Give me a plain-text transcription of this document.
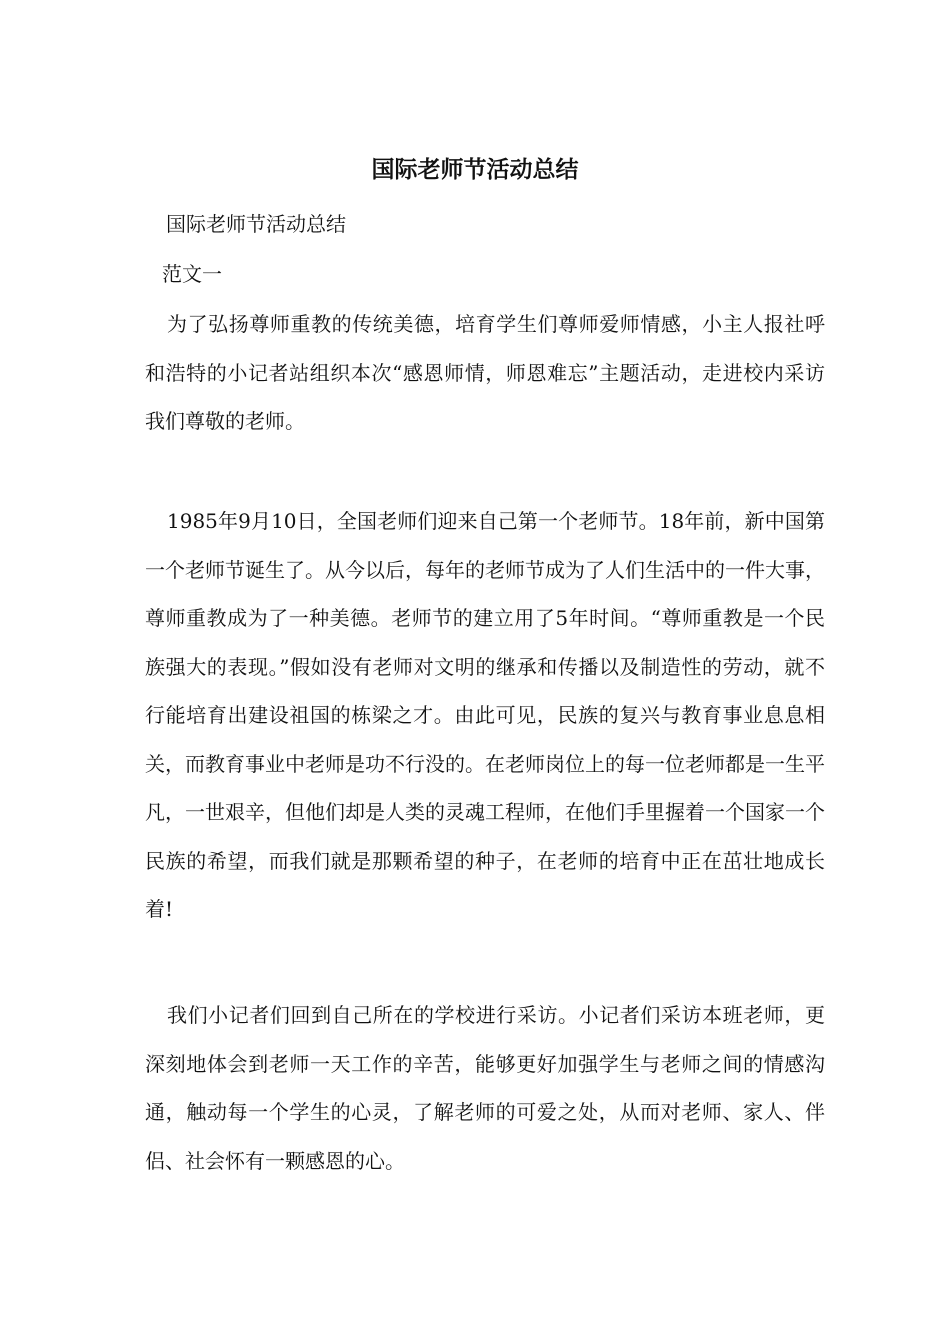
国际老师节活动总结
国际老师节活动总结
范文一

为了弘扬尊师重教的传统美德，培育学生们尊师爱师情感，小主人报社呼和浩特的小记者站组织本次“感恩师情，师恩难忘”主题活动，走进校内采访我们尊敬的老师。

1985年9月10日，全国老师们迎来自己第一个老师节。18年前，新中国第一个老师节诞生了。从今以后，每年的老师节成为了人们生活中的一件大事，尊师重教成为了一种美德。老师节的建立用了5年时间。“尊师重教是一个民族强大的表现。”假如没有老师对文明的继承和传播以及制造性的劳动，就不行能培育出建设祖国的栋梁之才。由此可见，民族的复兴与教育事业息息相关，而教育事业中老师是功不行没的。在老师岗位上的每一位老师都是一生平凡，一世艰辛，但他们却是人类的灵魂工程师，在他们手里握着一个国家一个民族的希望，而我们就是那颗希望的种子，在老师的培育中正在茁壮地成长着!

我们小记者们回到自己所在的学校进行采访。小记者们采访本班老师，更深刻地体会到老师一天工作的辛苦，能够更好加强学生与老师之间的情感沟通，触动每一个学生的心灵，了解老师的可爱之处，从而对老师、家人、伴侣、社会怀有一颗感恩的心。
